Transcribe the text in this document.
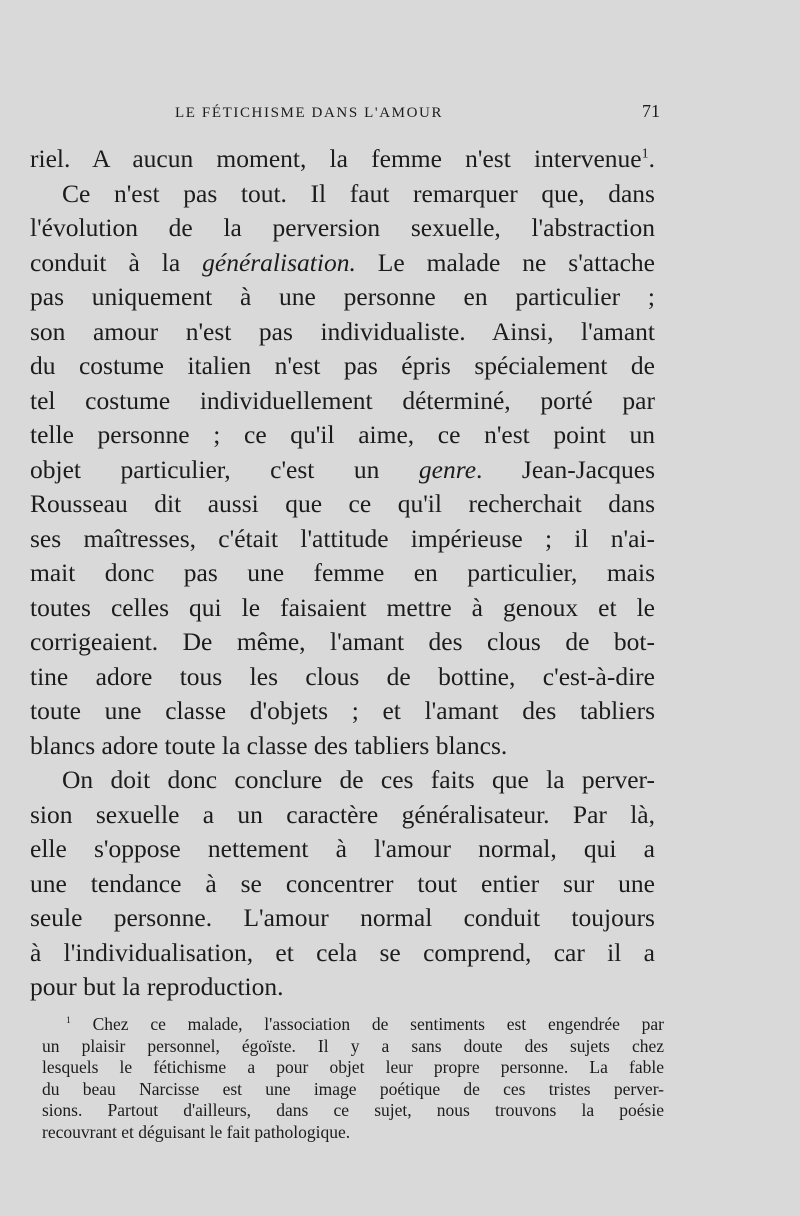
LE FÉTICHISME DANS L'AMOUR	71
riel. A aucun moment, la femme n'est intervenue$^1$.
Ce n'est pas tout. Il faut remarquer que, dans
l'évolution de la perversion sexuelle, l'abstraction
conduit à la généralisation. Le malade ne s'attache
pas uniquement à une personne en particulier ;
son amour n'est pas individualiste. Ainsi, l'amant
du costume italien n'est pas épris spécialement de
tel costume individuellement déterminé, porté par
telle personne ; ce qu'il aime, ce n'est point un
objet particulier, c'est un genre. Jean-Jacques
Rousseau dit aussi que ce qu'il recherchait dans
ses maîtresses, c'était l'attitude impérieuse ; il n'ai-
mait donc pas une femme en particulier, mais
toutes celles qui le faisaient mettre à genoux et le
corrigeaient. De même, l'amant des clous de bot-
tine adore tous les clous de bottine, c'est-à-dire
toute une classe d'objets ; et l'amant des tabliers
blancs adore toute la classe des tabliers blancs.
On doit donc conclure de ces faits que la perver-
sion sexuelle a un caractère généralisateur. Par là,
elle s'oppose nettement à l'amour normal, qui a
une tendance à se concentrer tout entier sur une
seule personne. L'amour normal conduit toujours
à l'individualisation, et cela se comprend, car il a
pour but la reproduction.
$^1$ Chez ce malade, l'association de sentiments est engendrée par
un plaisir personnel, égoïste. Il y a sans doute des sujets chez
lesquels le fétichisme a pour objet leur propre personne. La fable
du beau Narcisse est une image poétique de ces tristes perver-
sions. Partout d'ailleurs, dans ce sujet, nous trouvons la poésie
recouvrant et déguisant le fait pathologique.
